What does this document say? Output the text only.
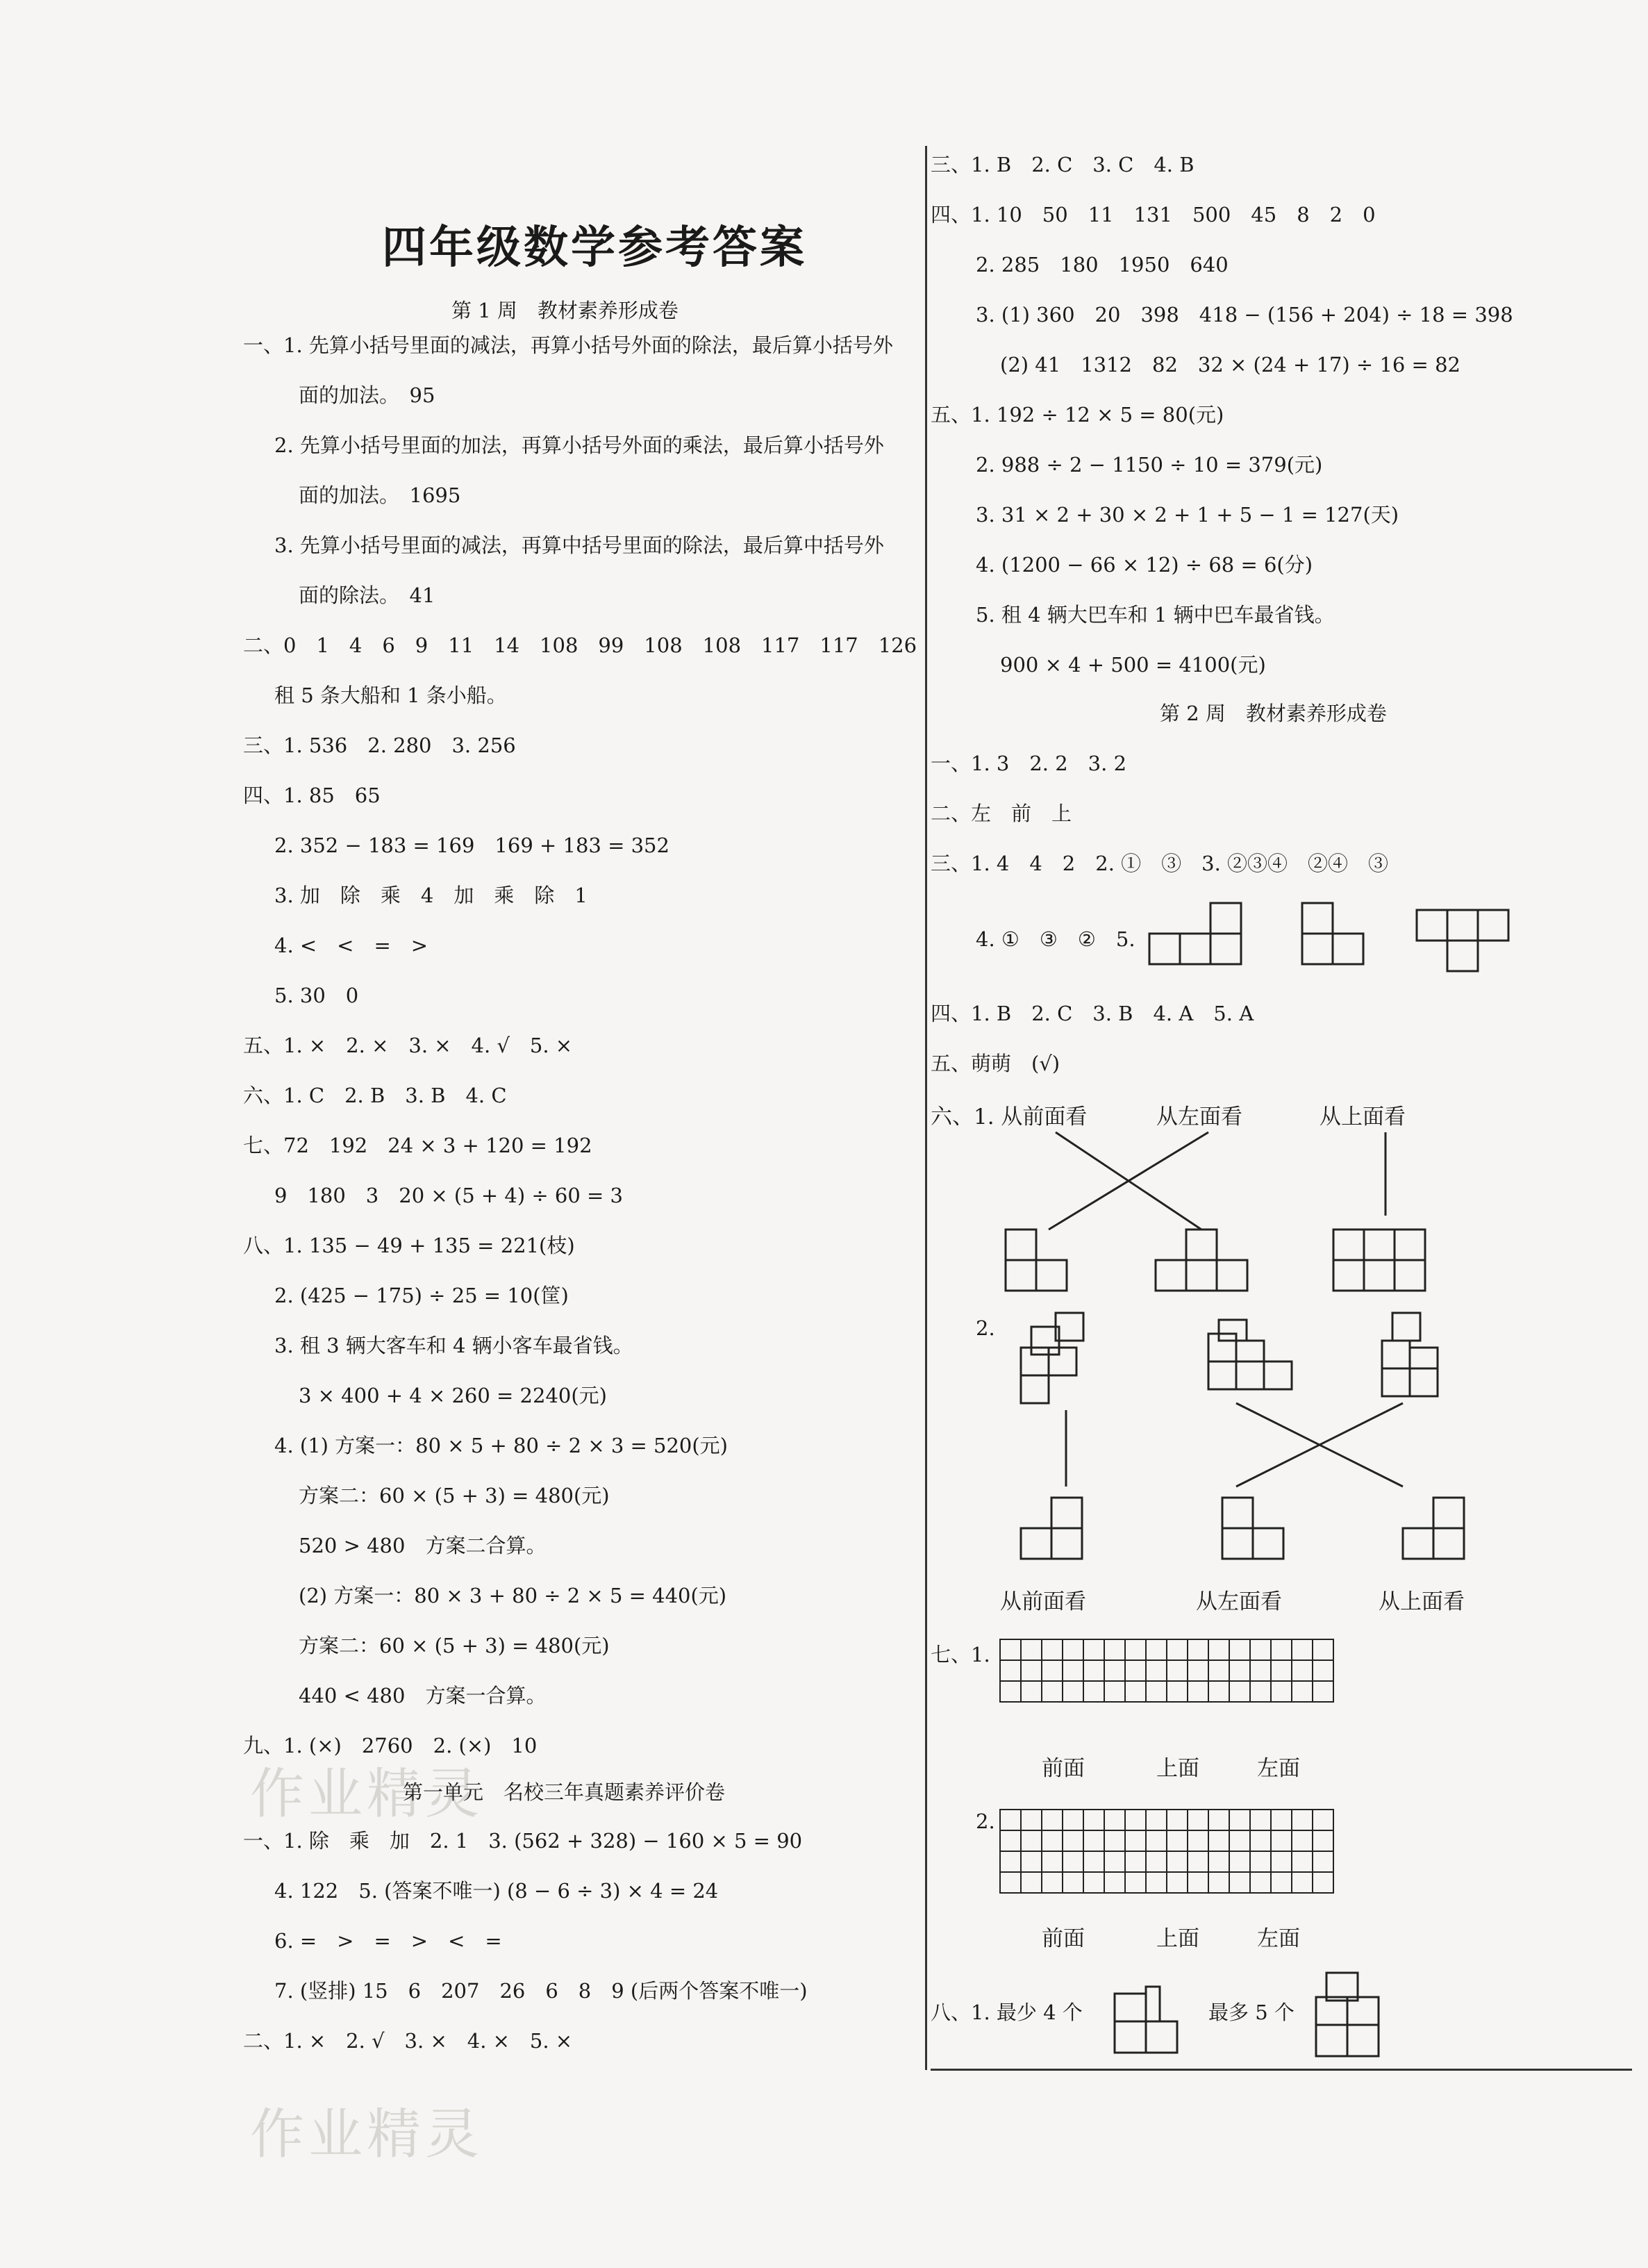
作业精灵
作业精灵
四年级数学参考答案
第 1 周　教材素养形成卷
一、1. 先算小括号里面的减法，再算小括号外面的除法，最后算小括号外
面的加法。　95
2. 先算小括号里面的加法，再算小括号外面的乘法，最后算小括号外
面的加法。　1695
3. 先算小括号里面的减法，再算中括号里面的除法，最后算中括号外
面的除法。　41
二、0　1　4　6　9　11　14　108　99　108　108　117　117　126
租 5 条大船和 1 条小船。
三、1. 536　2. 280　3. 256
四、1. 85　65
2. 352 − 183 = 169　169 + 183 = 352
3. 加　除　乘　4　加　乘　除　1
4. <　<　=　>
5. 30　0
五、1. ×　2. ×　3. ×　4. √　5. ×
六、1. C　2. B　3. B　4. C
七、72　192　24 × 3 + 120 = 192
9　180　3　20 × (5 + 4) ÷ 60 = 3
八、1. 135 − 49 + 135 = 221(枝)
2. (425 − 175) ÷ 25 = 10(筐)
3. 租 3 辆大客车和 4 辆小客车最省钱。
3 × 400 + 4 × 260 = 2240(元)
4. (1) 方案一：80 × 5 + 80 ÷ 2 × 3 = 520(元)
方案二：60 × (5 + 3) = 480(元)
520 > 480　方案二合算。
(2) 方案一：80 × 3 + 80 ÷ 2 × 5 = 440(元)
方案二：60 × (5 + 3) = 480(元)
440 < 480　方案一合算。
九、1. (×)　2760　2. (×)　10
第一单元　名校三年真题素养评价卷
一、1. 除　乘　加　2. 1　3. (562 + 328) − 160 × 5 = 90
4. 122　5. (答案不唯一) (8 − 6 ÷ 3) × 4 = 24
6. =　>　=　>　<　=
7. (竖排) 15　6　207　26　6　8　9 (后两个答案不唯一)
二、1. ×　2. √　3. ×　4. ×　5. ×
三、1. B　2. C　3. C　4. B
四、1. 10　50　11　131　500　45　8　2　0
2. 285　180　1950　640
3. (1) 360　20　398　418 − (156 + 204) ÷ 18 = 398
(2) 41　1312　82　32 × (24 + 17) ÷ 16 = 82
五、1. 192 ÷ 12 × 5 = 80(元)
2. 988 ÷ 2 − 1150 ÷ 10 = 379(元)
3. 31 × 2 + 30 × 2 + 1 + 5 − 1 = 127(天)
4. (1200 − 66 × 12) ÷ 68 = 6(分)
5. 租 4 辆大巴车和 1 辆中巴车最省钱。
900 × 4 + 500 = 4100(元)
第 2 周　教材素养形成卷
一、1. 3　2. 2　3. 2
二、左　前　上
三、1. 4　4　2　2. ①　③　3. ②③④　②④　③
4. ①　③　②　5.
四、1. B　2. C　3. B　4. A　5. A
五、萌萌　(√)
六、1. 从前面看	从左面看	从上面看
2.
从前面看	从左面看	从上面看
七、1.
前面	上面	左面
2.
前面	上面	左面
八、1. 最少 4 个	最多 5 个
